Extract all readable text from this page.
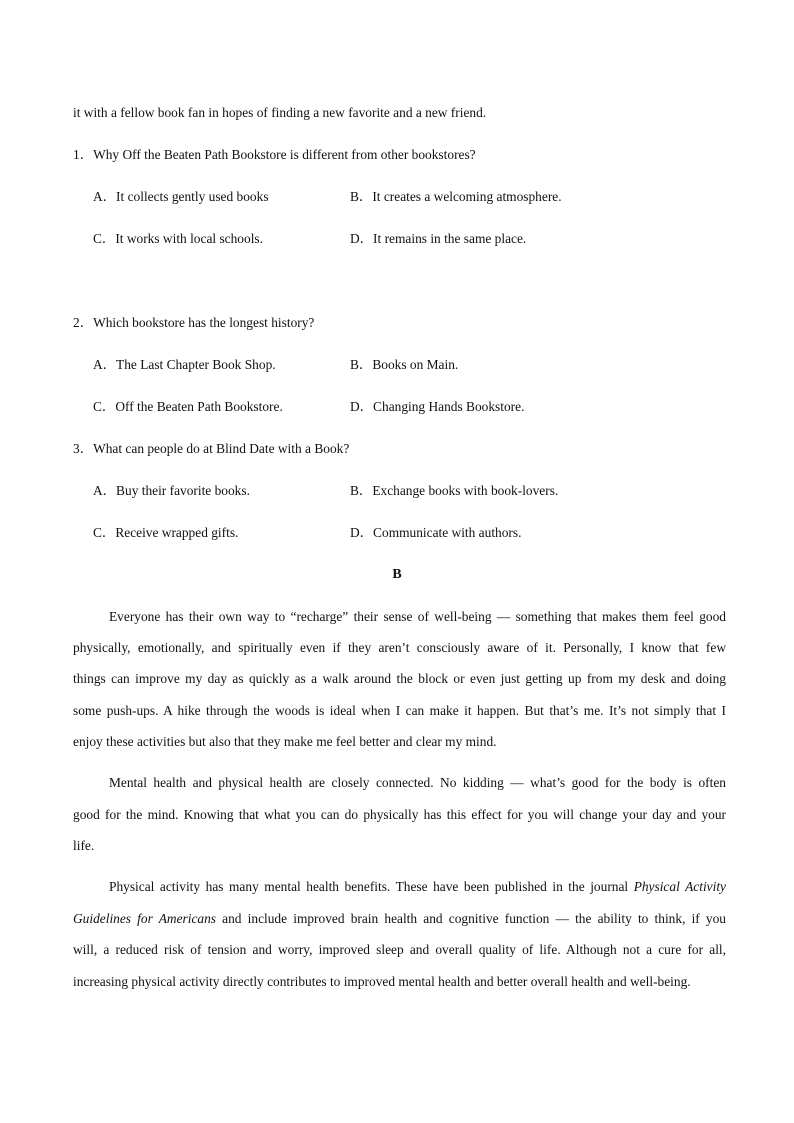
it with a fellow book fan in hopes of finding a new favorite and a new friend.
1．Why Off the Beaten Path Bookstore is different from other bookstores?
A．It collects gently used books	B．It creates a welcoming atmosphere.
C．It works with local schools.	D．It remains in the same place.
2．Which bookstore has the longest history?
A．The Last Chapter Book Shop.	B．Books on Main.
C．Off the Beaten Path Bookstore.	D．Changing Hands Bookstore.
3．What can people do at Blind Date with a Book?
A．Buy their favorite books.	B．Exchange books with book-lovers.
C．Receive wrapped gifts.	D．Communicate with authors.
B
Everyone has their own way to “recharge” their sense of well-being — something that makes them feel good
physically, emotionally, and spiritually even if they aren’t consciously aware of it. Personally, I know that few
things can improve my day as quickly as a walk around the block or even just getting up from my desk and doing
some push-ups. A hike through the woods is ideal when I can make it happen. But that’s me. It’s not simply that I
enjoy these activities but also that they make me feel better and clear my mind.
Mental health and physical health are closely connected. No kidding — what’s good for the body is often
good for the mind. Knowing that what you can do physically has this effect for you will change your day and your
life.
Physical activity has many mental health benefits. These have been published in the journal Physical Activity
Guidelines for Americans and include improved brain health and cognitive function — the ability to think, if you
will, a reduced risk of tension and worry, improved sleep and overall quality of life. Although not a cure for all,
increasing physical activity directly contributes to improved mental health and better overall health and well-being.
